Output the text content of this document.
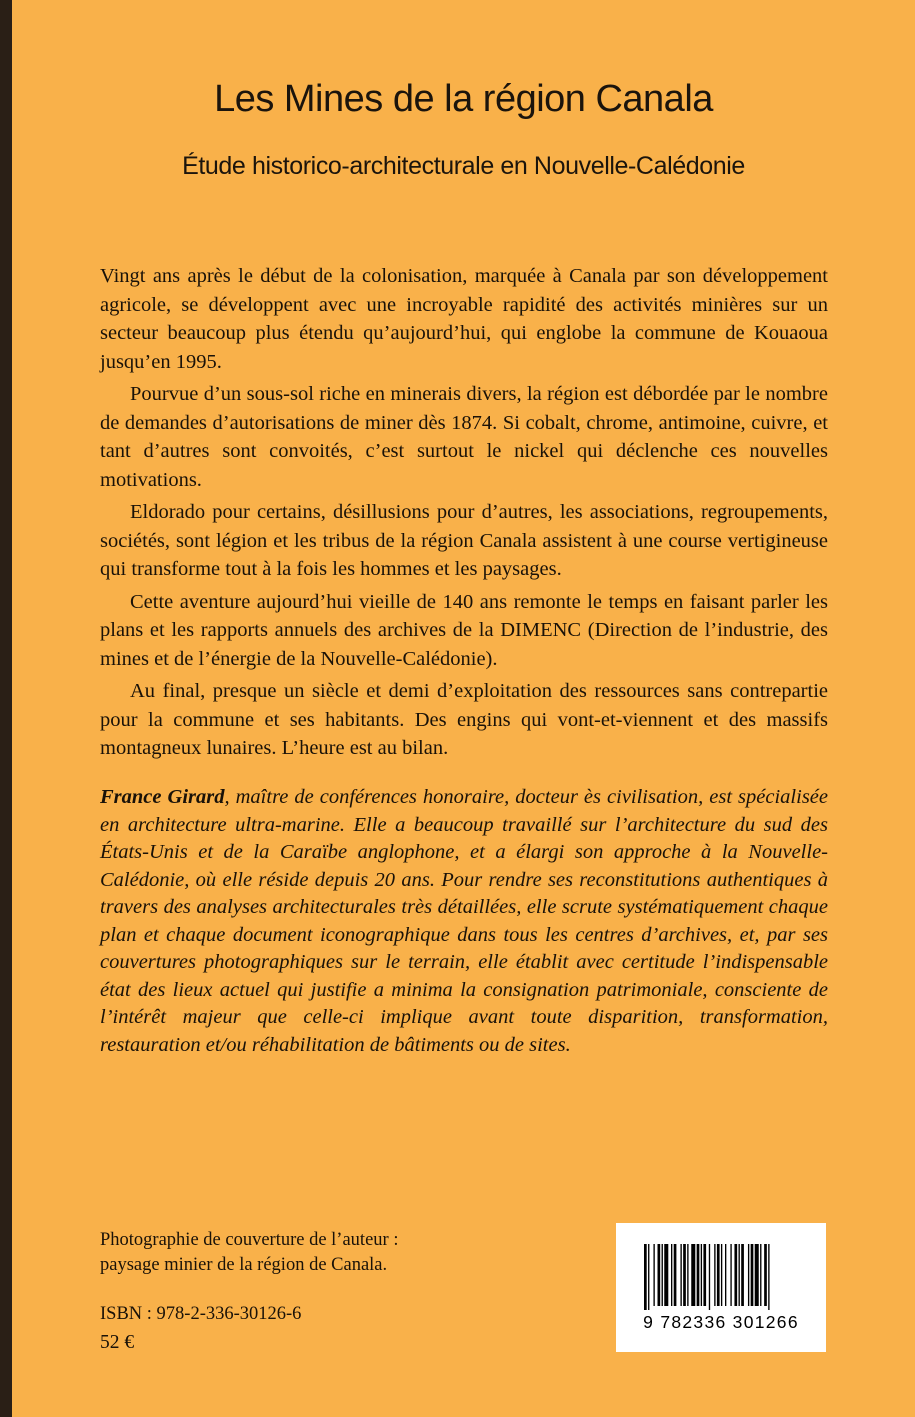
Les Mines de la région Canala
Étude historico-architecturale en Nouvelle-Calédonie

Vingt ans après le début de la colonisation, marquée à Canala par son développement agricole, se développent avec une incroyable rapidité des activités minières sur un secteur beaucoup plus étendu qu’aujourd’hui, qui englobe la commune de Kouaoua jusqu’en 1995.

Pourvue d’un sous-sol riche en minerais divers, la région est débordée par le nombre de demandes d’autorisations de miner dès 1874. Si cobalt, chrome, antimoine, cuivre, et tant d’autres sont convoités, c’est surtout le nickel qui déclenche ces nouvelles motivations.

Eldorado pour certains, désillusions pour d’autres, les associations, regroupements, sociétés, sont légion et les tribus de la région Canala assistent à une course vertigineuse qui transforme tout à la fois les hommes et les paysages.

Cette aventure aujourd’hui vieille de 140 ans remonte le temps en faisant parler les plans et les rapports annuels des archives de la DIMENC (Direction de l’industrie, des mines et de l’énergie de la Nouvelle-Calédonie).

Au final, presque un siècle et demi d’exploitation des ressources sans contrepartie pour la commune et ses habitants. Des engins qui vont-et-viennent et des massifs montagneux lunaires. L’heure est au bilan.

France Girard, maître de conférences honoraire, docteur ès civilisation, est spécialisée en architecture ultra-marine. Elle a beaucoup travaillé sur l’architecture du sud des États-Unis et de la Caraïbe anglophone, et a élargi son approche à la Nouvelle-Calédonie, où elle réside depuis 20 ans. Pour rendre ses reconstitutions authentiques à travers des analyses architecturales très détaillées, elle scrute systématiquement chaque plan et chaque document iconographique dans tous les centres d’archives, et, par ses couvertures photographiques sur le terrain, elle établit avec certitude l’indispensable état des lieux actuel qui justifie a minima la consignation patrimoniale, consciente de l’intérêt majeur que celle-ci implique avant toute disparition, transformation, restauration et/ou réhabilitation de bâtiments ou de sites.
Photographie de couverture de l’auteur :
paysage minier de la région de Canala.
ISBN : 978-2-336-30126-6
52 €
9 782336 301266
